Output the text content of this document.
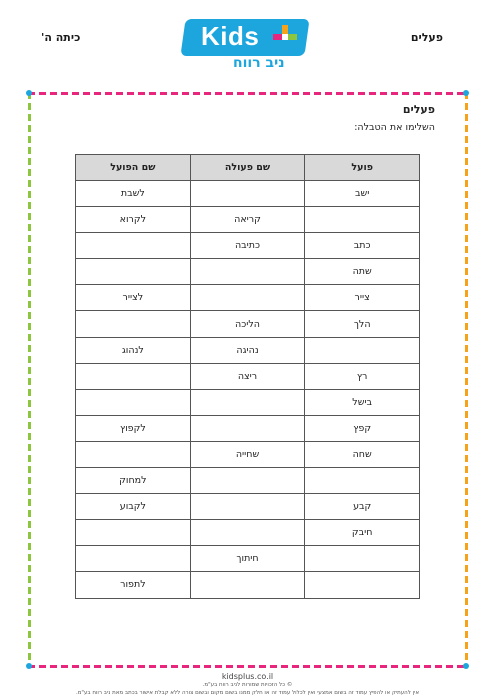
פעלים
כיתה ה'	Kids
ניב רווח
פעלים
השלימו את הטבלה:
פועל	שם פעולה	שם הפועל
ישב		לשבת
	קריאה	לקרוא
כתב	כתיבה	
שתה		
צייר		לצייר
הלך	הליכה	
	נהיגה	לנהוג
רץ	ריצה	
בישל		
קפץ		לקפוץ
שחה	שחייה	
		למחוק
קבע		לקבוע
חיבק		
	חיתוך	
		לתפור
kidsplus.co.il
© כל הזכויות שמורות לניב רווח בע"מ.
אין להעתיק או להפיץ עמוד זה בשום אמצעי ואין לכלול עמוד זה או חלק ממנו בשום מקום ובשום צורה ללא קבלת אישור בכתב מאת ניב רווח בע"מ.
